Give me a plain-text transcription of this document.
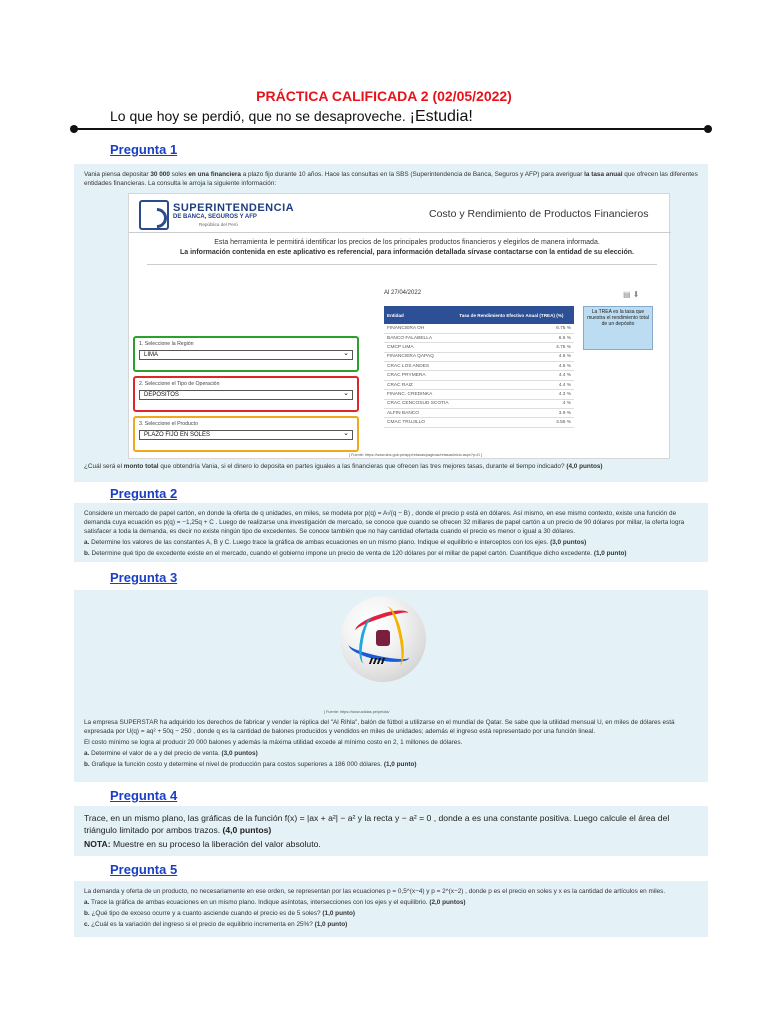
PRÁCTICA CALIFICADA 2 (02/05/2022)
Lo que hoy se perdió, que no se desaproveche. ¡Estudia!
Pregunta 1
Vania piensa depositar 30 000 soles en una financiera a plazo fijo durante 10 años. Hace las consultas en la SBS (Superintendencia de Banca, Seguros y AFP) para averiguar la tasa anual que ofrecen las diferentes entidades financieras. La consulta le arroja la siguiente información:
¿Cuál será el monto total que obtendría Vania, si el dinero lo deposita en partes iguales a las financieras que ofrecen las tres mejores tasas, durante el tiempo indicado? (4,0 puntos)
SUPERINTENDENCIA
DE BANCA, SEGUROS Y AFP
República del Perú
Costo y Rendimiento de Productos Financieros
Esta herramienta le permitirá identificar los precios de los principales productos financieros y elegirlos de manera informada.
La información contenida en este aplicativo es referencial, para información detallada sírvase contactarse con la entidad de su elección.
1. Seleccione la Región
LIMA ⌄
2. Seleccione el Tipo de Operación
DEPOSITOS ⌄
3. Seleccione el Producto
PLAZO FIJO EN SOLES ⌄
Al 27/04/2022	▤ ⬇
Entidad	Tasa de Rendimiento Efectivo Anual (TREA) (%)
FINANCIERA OH	6.75 %
BANCO FALABELLA	6.5 %
CMCP LIMA	4.75 %
FINANCIERA QAPAQ	4.6 %
CRAC LOS ANDES	4.5 %
CRAC PRYMERA	4.4 %
CRAC RAIZ	4.4 %
FINANC. CREDINKA	4.3 %
CRAC CENCOSUD SCOTIA	4 %
ALFIN BANCO	3.9 %
CMAC TRUJILLO	3.55 %
La TREA es la tasa que muestra el rendimiento total de un depósito
[ Fuente: https://www.sbs.gob.pe/app/retasas/paginas/retasasInicio.aspx?p=D ]
Pregunta 2
Considere un mercado de papel cartón, en donde la oferta de q unidades, en miles, se modela por p(q) = A√(q − B) , donde el precio p está en dólares. Así mismo, en ese mismo contexto, existe una función de demanda cuya ecuación es p(q) = −1,25q + C . Luego de realizarse una investigación de mercado, se conoce que cuando se ofrecen 32 millares de papel cartón a un precio de 90 dólares por millar, la oferta logra satisfacer a toda la demanda, es decir no existe ningún tipo de excedentes. Se conoce también que no hay cantidad ofertada cuando el precio es menor o igual a 30 dólares.
a. Determine los valores de las constantes A, B y C. Luego trace la gráfica de ambas ecuaciones en un mismo plano. Indique el equilibrio e interceptos con los ejes. (3,0 puntos)
b. Determine qué tipo de excedente existe en el mercado, cuando el gobierno impone un precio de venta de 120 dólares por el millar de papel cartón. Cuantifique dicho excedente. (1,0 punto)
Pregunta 3
[ Fuente: https://www.adidas.pe/pelota/
La empresa SUPERSTAR ha adquirido los derechos de fabricar y vender la réplica del "Al Rihla", balón de fútbol a utilizarse en el mundial de Qatar. Se sabe que la utilidad mensual U, en miles de dólares está expresada por U(q) = aq² + 50q − 250 , donde q es la cantidad de balones producidos y vendidos en miles de unidades; además el ingreso está representado por una función lineal.
El costo mínimo se logra al producir 20 000 balones y además la máxima utilidad excede al mínimo costo en 2, 1 millones de dólares.
a. Determine el valor de a y del precio de venta. (3,0 puntos)
b. Grafique la función costo y determine el nivel de producción para costos superiores a 186 000 dólares. (1,0 punto)
Pregunta 4
Trace, en un mismo plano, las gráficas de la función f(x) = |ax + a²| − a² y la recta y − a² = 0 , donde a es una constante positiva. Luego calcule el área del triángulo limitado por ambos trazos. (4,0 puntos)
NOTA: Muestre en su proceso la liberación del valor absoluto.
Pregunta 5
La demanda y oferta de un producto, no necesariamente en ese orden, se representan por las ecuaciones p = 0,5^(x−4) y p = 2^(x−2) , donde p es el precio en soles y x es la cantidad de artículos en miles.
a. Trace la gráfica de ambas ecuaciones en un mismo plano. Indique asíntotas, intersecciones con los ejes y el equilibrio. (2,0 puntos)
b. ¿Qué tipo de exceso ocurre y a cuanto asciende cuando el precio es de 5 soles? (1,0 punto)
c. ¿Cuál es la variación del ingreso si el precio de equilibrio incrementa en 25%? (1,0 punto)
